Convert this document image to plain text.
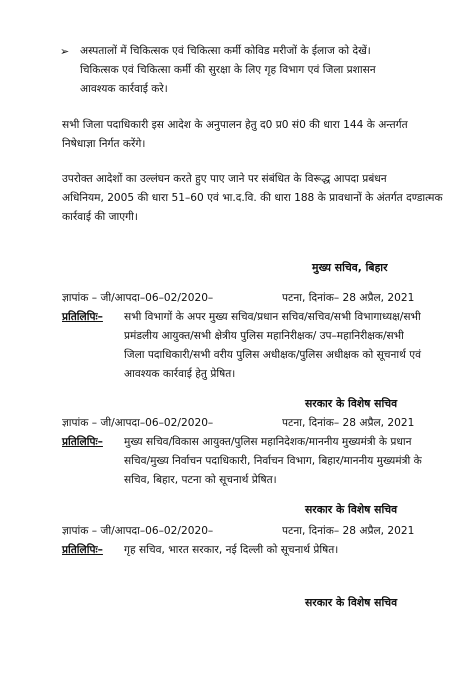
➢ अस्पतालों में चिकित्सक एवं चिकित्सा कर्मी कोविड मरीजों के ईलाज को देखें।
चिकित्सक एवं चिकित्सा कर्मी की सुरक्षा के लिए गृह विभाग एवं जिला प्रशासन
आवश्यक कार्रवाई करे।
सभी जिला पदाधिकारी इस आदेश के अनुपालन हेतु द0 प्र0 सं0 की धारा 144 के अन्तर्गत
निषेधाज्ञा निर्गत करेंगे।
उपरोक्त आदेशों का उल्लंघन करते हुए पाए जाने पर संबंधित के विरूद्ध आपदा प्रबंधन
अधिनियम, 2005 की धारा 51–60 एवं भा.द.वि. की धारा 188 के प्रावधानों के अंतर्गत दण्डात्मक
कार्रवाई की जाएगी।
मुख्य सचिव, बिहार
ज्ञापांक – जी/आपदा–06–02/2020–	पटना, दिनांक– 28 अप्रैल, 2021
प्रतिलिपिः– सभी विभागों के अपर मुख्य सचिव/प्रधान सचिव/सचिव/सभी विभागाध्यक्ष/सभी
प्रमंडलीय आयुक्त/सभी क्षेत्रीय पुलिस महानिरीक्षक/ उप–महानिरीक्षक/सभी
जिला पदाधिकारी/सभी वरीय पुलिस अधीक्षक/पुलिस अधीक्षक को सूचनार्थ एवं
आवश्यक कार्रवाई हेतु प्रेषित।
सरकार के विशेष सचिव
ज्ञापांक – जी/आपदा–06–02/2020–	पटना, दिनांक– 28 अप्रैल, 2021
प्रतिलिपिः– मुख्य सचिव/विकास आयुक्त/पुलिस महानिदेशक/माननीय मुख्यमंत्री के प्रधान
सचिव/मुख्य निर्वाचन पदाधिकारी, निर्वाचन विभाग, बिहार/माननीय मुख्यमंत्री के
सचिव, बिहार, पटना को सूचनार्थ प्रेषित।
सरकार के विशेष सचिव
ज्ञापांक – जी/आपदा–06–02/2020–	पटना, दिनांक– 28 अप्रैल, 2021
प्रतिलिपिः– गृह सचिव, भारत सरकार, नई दिल्ली को सूचनार्थ प्रेषित।
सरकार के विशेष सचिव
